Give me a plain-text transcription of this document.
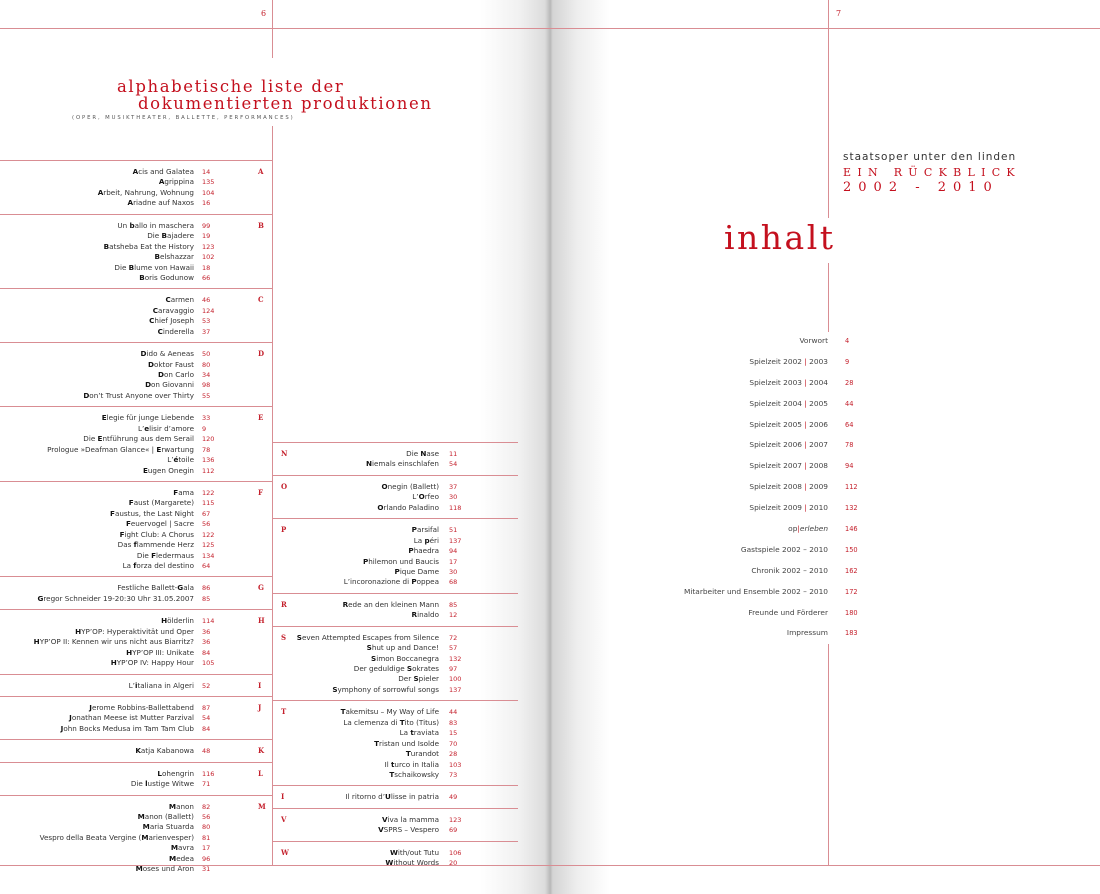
6
alphabetische liste der
dokumentierten produktionen
(OPER, MUSIKTHEATER, BALLETTE, PERFORMANCES)
A
Acis and Galatea 14
Agrippina 135
Arbeit, Nahrung, Wohnung 104
Ariadne auf Naxos 16
B
Un ballo in maschera 99
Die Bajadere 19
Batsheba Eat the History 123
Belshazzar 102
Die Blume von Hawaii 18
Boris Godunow 66
C
Carmen 46
Caravaggio 124
Chief Joseph 53
Cinderella 37
D
Dido & Aeneas 50
Doktor Faust 80
Don Carlo 34
Don Giovanni 98
Don’t Trust Anyone over Thirty 55
E
Elegie für junge Liebende 33
L’elisir d’amore 9
Die Entführung aus dem Serail 120
Prologue »Deafman Glance« | Erwartung 78
L’étoile 136
Eugen Onegin 112
F
Fama 122
Faust (Margarete) 115
Faustus, the Last Night 67
Feuervogel | Sacre 56
Fight Club: A Chorus 122
Das flammende Herz 125
Die Fledermaus 134
La forza del destino 64
G
Festliche Ballett-Gala 86
Gregor Schneider 19-20:30 Uhr 31.05.2007 85
H
Hölderlin 114
HYP’OP: Hyperaktivität und Oper 36
HYP’OP II: Kennen wir uns nicht aus Biarritz? 36
HYP’OP III: Unikate 84
HYP’OP IV: Happy Hour 105
I
L’italiana in Algeri 52
J
Jerome Robbins-Ballettabend 87
Jonathan Meese ist Mutter Parzival 54
John Bocks Medusa im Tam Tam Club 84
K
Katja Kabanowa 48
L
Lohengrin 116
Die lustige Witwe 71
M
Manon 82
Manon (Ballett) 56
Maria Stuarda 80
Vespro della Beata Vergine (Marienvesper) 81
Mavra 17
Medea 96
Moses und Aron 31
N	Die Nase 11
Niemals einschlafen 54
O	Onegin (Ballett) 37
L’Orfeo 30
Orlando Paladino 118
P	Parsifal 51
La péri 137
Phaedra 94
Philemon und Baucis 17
Pique Dame 30
L’incoronazione di Poppea 68
R	Rede an den kleinen Mann 85
Rinaldo 12
S	Seven Attempted Escapes from Silence 72
Shut up and Dance! 57
Simon Boccanegra 132
Der geduldige Sokrates 97
Der Spieler 100
Symphony of sorrowful songs 137
T	Takemitsu – My Way of Life 44
La clemenza di Tito (Titus) 83
La traviata 15
Tristan und Isolde 70
Turandot 28
Il turco in Italia 103
Tschaikowsky 73
I	Il ritorno d’Ulisse in patria 49
V	Viva la mamma 123
VSPRS – Vespero 69
W	With/out Tutu 106
Without Words 20
7
staatsoper unter den linden
EIN RÜCKBLICK
2002 - 2010
inhalt
Vorwort	4
Spielzeit 2002 | 2003	9
Spielzeit 2003 | 2004	28
Spielzeit 2004 | 2005	44
Spielzeit 2005 | 2006	64
Spielzeit 2006 | 2007	78
Spielzeit 2007 | 2008	94
Spielzeit 2008 | 2009	112
Spielzeit 2009 | 2010	132
op|erleben	146
Gastspiele 2002 – 2010	150
Chronik 2002 – 2010	162
Mitarbeiter und Ensemble 2002 – 2010	172
Freunde und Förderer	180
Impressum	183
